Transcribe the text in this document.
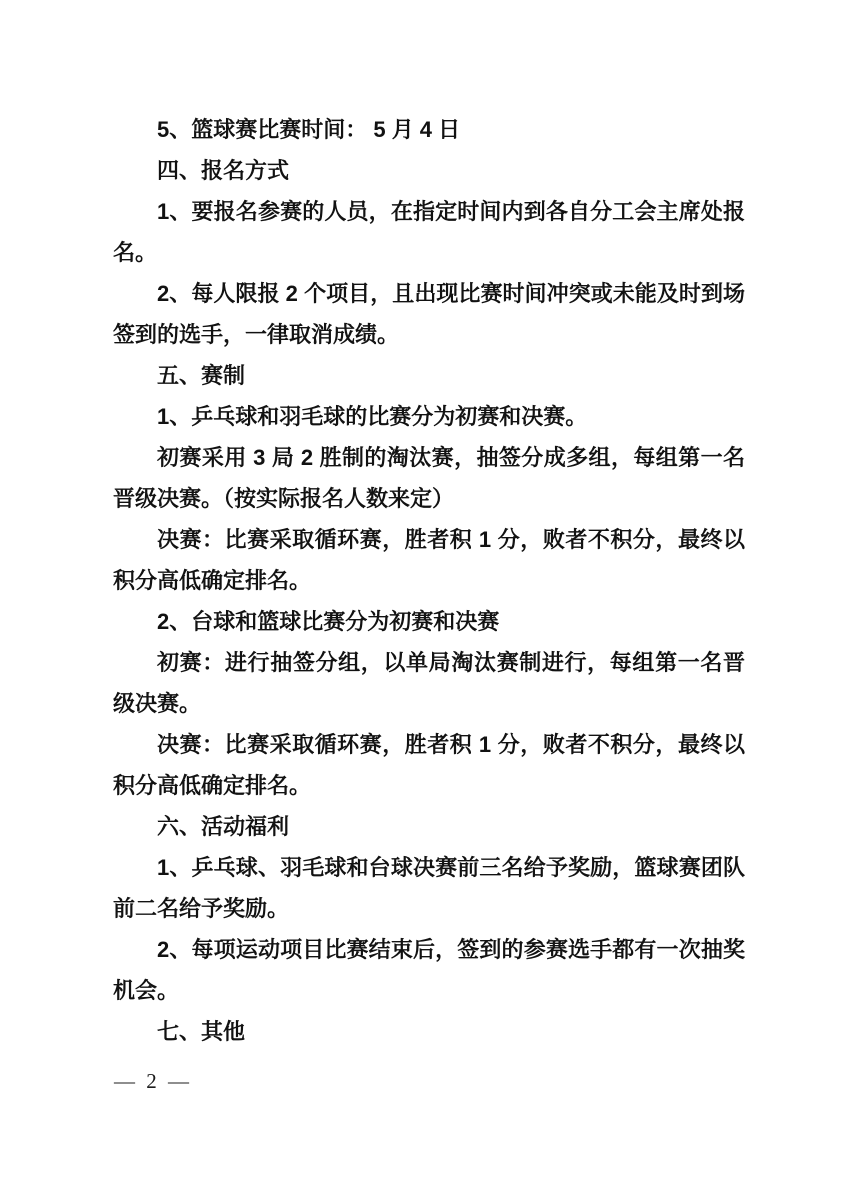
5、篮球赛比赛时间： 5 月 4 日
四、报名方式
1、要报名参赛的人员，在指定时间内到各自分工会主席处报
名。
2、每人限报 2 个项目，且出现比赛时间冲突或未能及时到场
签到的选手，一律取消成绩。
五、赛制
1、乒乓球和羽毛球的比赛分为初赛和决赛。
初赛采用 3 局 2 胜制的淘汰赛，抽签分成多组，每组第一名
晋级决赛。（按实际报名人数来定）
决赛：比赛采取循环赛，胜者积 1 分，败者不积分，最终以
积分高低确定排名。
2、台球和篮球比赛分为初赛和决赛
初赛：进行抽签分组，以单局淘汰赛制进行，每组第一名晋
级决赛。
决赛：比赛采取循环赛，胜者积 1 分，败者不积分，最终以
积分高低确定排名。
六、活动福利
1、乒乓球、羽毛球和台球决赛前三名给予奖励，篮球赛团队
前二名给予奖励。
2、每项运动项目比赛结束后，签到的参赛选手都有一次抽奖
机会。
七、其他
— 2 —
